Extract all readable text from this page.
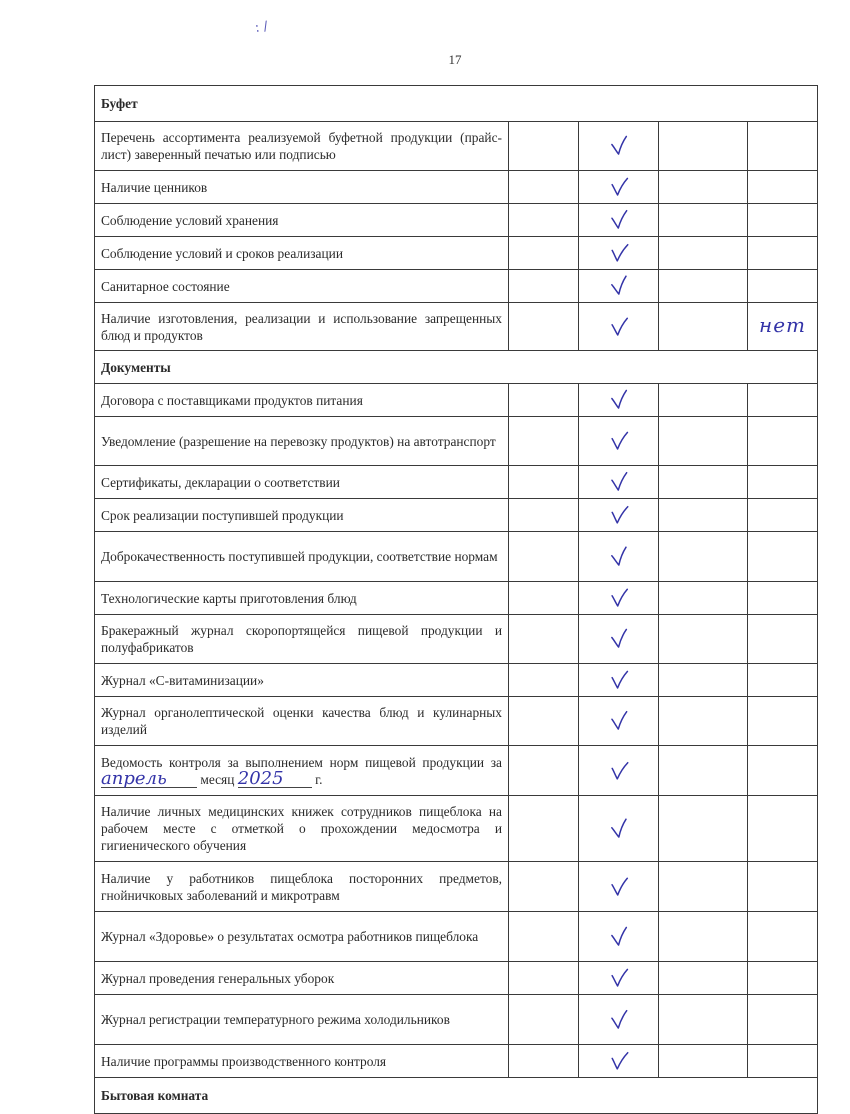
: /
17
Буфет				
Перечень ассортимента реализуемой буфетной продукции (прайс-лист) заверенный печатью или подписью				
Наличие ценников				
Соблюдение условий хранения				
Соблюдение условий и сроков реализации				
Санитарное состояние				
Наличие изготовления, реализации и использование запрещенных блюд и продуктов				нет
Документы				
Договора с поставщиками продуктов питания				
Уведомление (разрешение на перевозку продуктов) на автотранспорт				
Сертификаты, декларации о соответствии				
Срок реализации поступившей продукции				
Доброкачественность поступившей продукции, соответствие нормам				
Технологические карты приготовления блюд				
Бракеражный журнал скоропортящейся пищевой продукции и полуфабрикатов				
Журнал «С-витаминизации»				
Журнал органолептической оценки качества блюд и кулинарных изделий				
Ведомость контроля за выполнением норм пищевой продукции за апрель месяц 2025 г.				
Наличие личных медицинских книжек сотрудников пищеблока на рабочем месте с отметкой о прохождении медосмотра и гигиенического обучения				
Наличие у работников пищеблока посторонних предметов, гнойничковых заболеваний и микротравм				
Журнал «Здоровье» о результатах осмотра работников пищеблока				
Журнал проведения генеральных уборок				
Журнал регистрации температурного режима холодильников				
Наличие программы производственного контроля				
Бытовая комната				
